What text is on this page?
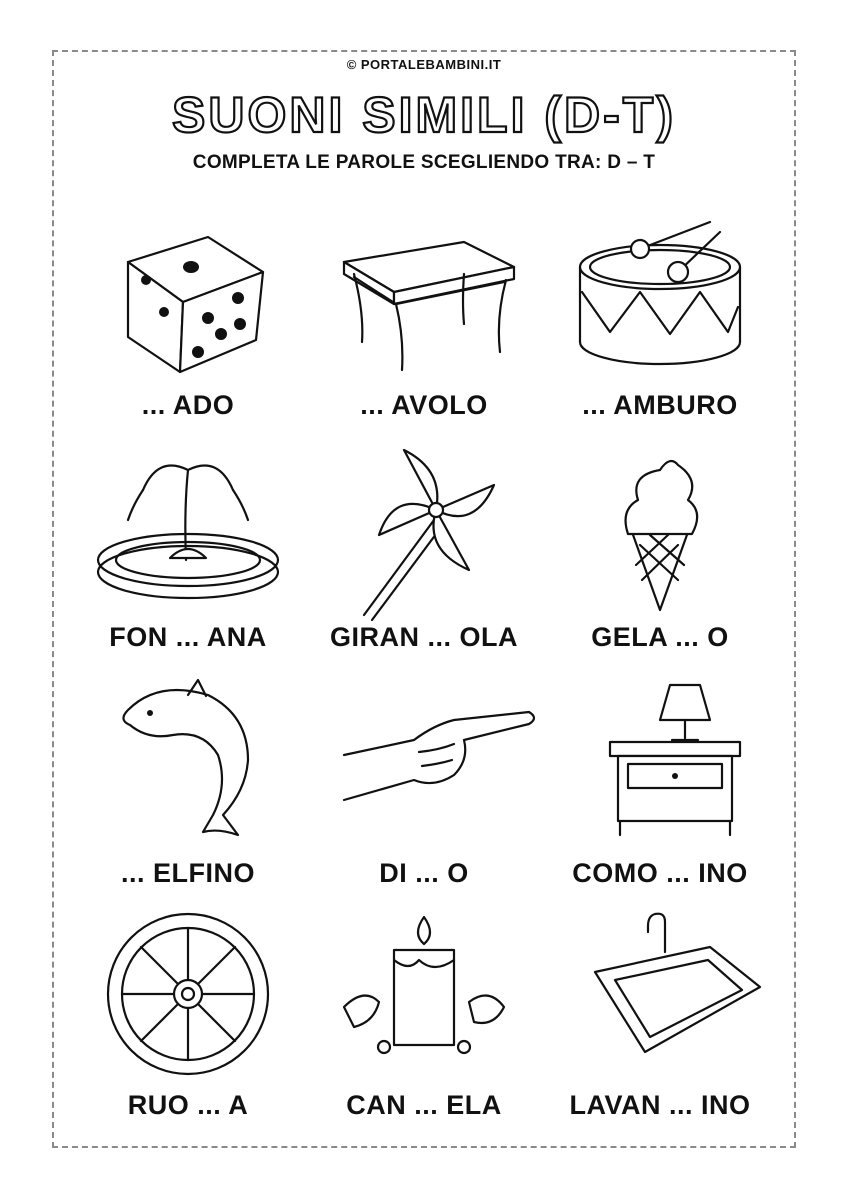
© PORTALEBAMBINI.IT
SUONI SIMILI (D-T)
COMPLETA LE PAROLE SCEGLIENDO TRA: D – T
... ADO	... AVOLO	... AMBURO
FON ... ANA	GIRAN ... OLA	GELA ... O
... ELFINO	DI ... O	COMO ... INO
RUO ... A	CAN ... ELA	LAVAN ... INO
